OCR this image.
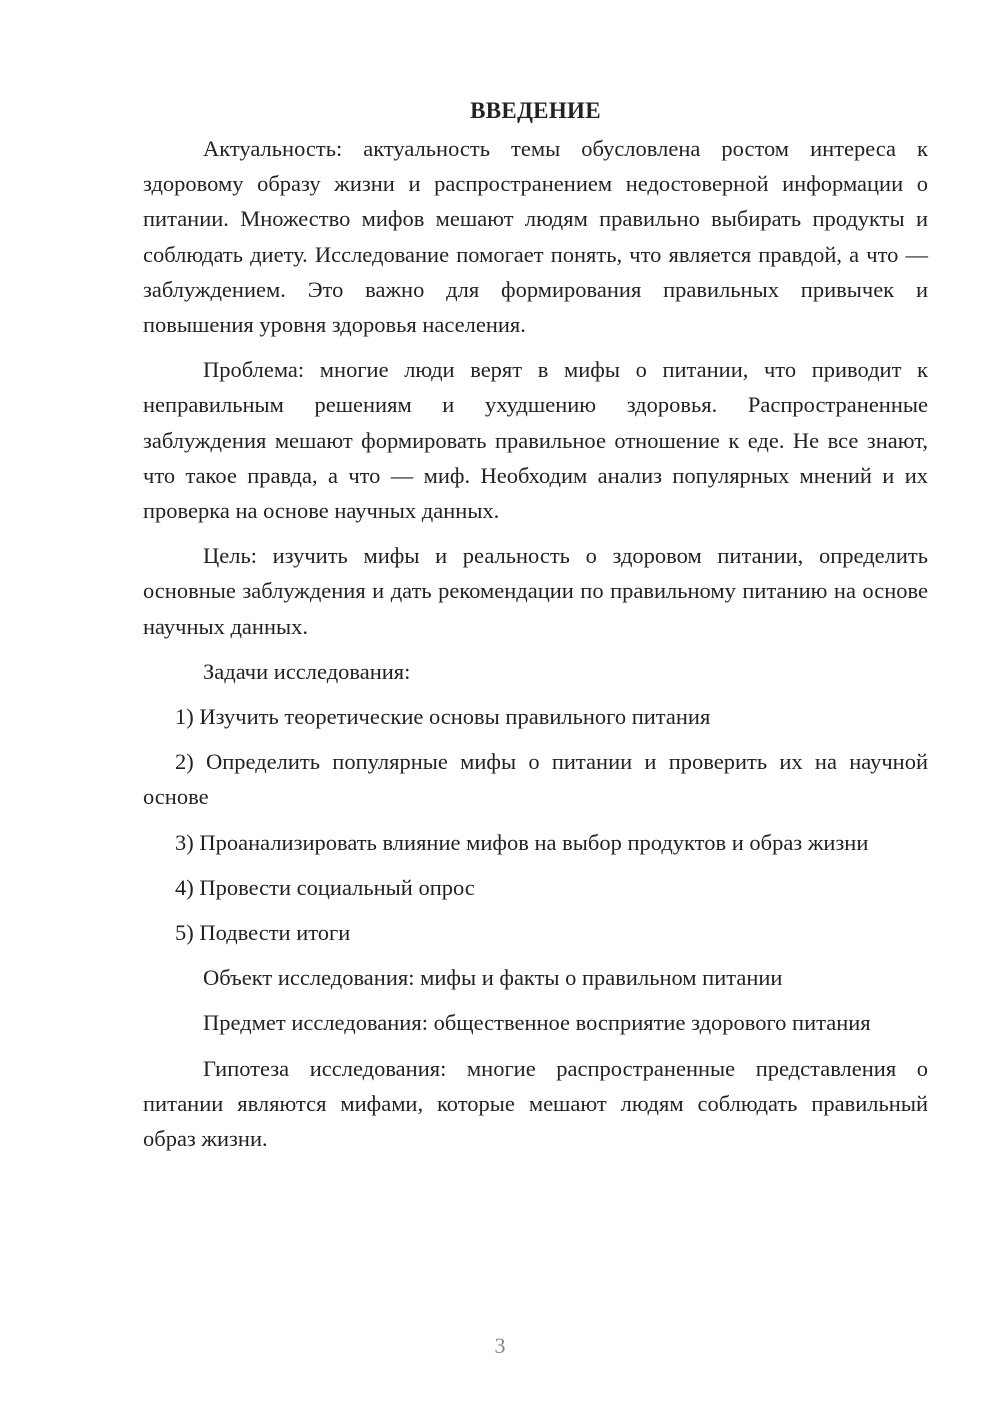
ВВЕДЕНИЕ

Актуальность: актуальность темы обусловлена ростом интереса к здоровому образу жизни и распространением недостоверной информации о питании. Множество мифов мешают людям правильно выбирать продукты и соблюдать диету. Исследование помогает понять, что является правдой, а что — заблуждением. Это важно для формирования правильных привычек и повышения уровня здоровья населения.

Проблема: многие люди верят в мифы о питании, что приводит к неправильным решениям и ухудшению здоровья. Распространенные заблуждения мешают формировать правильное отношение к еде. Не все знают, что такое правда, а что — миф. Необходим анализ популярных мнений и их проверка на основе научных данных.

Цель: изучить мифы и реальность о здоровом питании, определить основные заблуждения и дать рекомендации по правильному питанию на основе научных данных.

Задачи исследования:

1) Изучить теоретические основы правильного питания

2) Определить популярные мифы о питании и проверить их на научной основе

3) Проанализировать влияние мифов на выбор продуктов и образ жизни

4) Провести социальный опрос

5) Подвести итоги

Объект исследования: мифы и факты о правильном питании

Предмет исследования: общественное восприятие здорового питания

Гипотеза исследования: многие распространенные представления о питании являются мифами, которые мешают людям соблюдать правильный образ жизни.

3
